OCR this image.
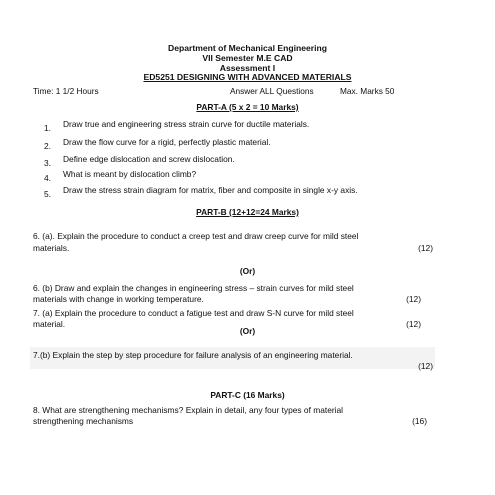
Department of Mechanical Engineering
VII Semester M.E CAD
Assessment I
ED5251 DESIGNING WITH ADVANCED MATERIALS
Time: 1 1/2 Hours	Answer ALL Questions	Max. Marks 50
PART-A (5 x 2 = 10 Marks)
1. Draw true and engineering stress strain curve for ductile materials.
2. Draw the flow curve for a rigid, perfectly plastic material.
3. Define edge dislocation and screw dislocation.
4. What is meant by dislocation climb?
5. Draw the stress strain diagram for matrix, fiber and composite in single x-y axis.
PART-B (12+12=24 Marks)
6. (a). Explain the procedure to conduct a creep test and draw creep curve for mild steel
materials.	(12)
(Or)
6. (b) Draw and explain the changes in engineering stress – strain curves for mild steel
materials with change in working temperature.	(12)
7. (a) Explain the procedure to conduct a fatigue test and draw S-N curve for mild steel
material.	(12)
(Or)
7.(b) Explain the step by step procedure for failure analysis of an engineering material.
(12)
PART-C (16 Marks)
8. What are strengthening mechanisms? Explain in detail, any four types of material
strengthening mechanisms	(16)
